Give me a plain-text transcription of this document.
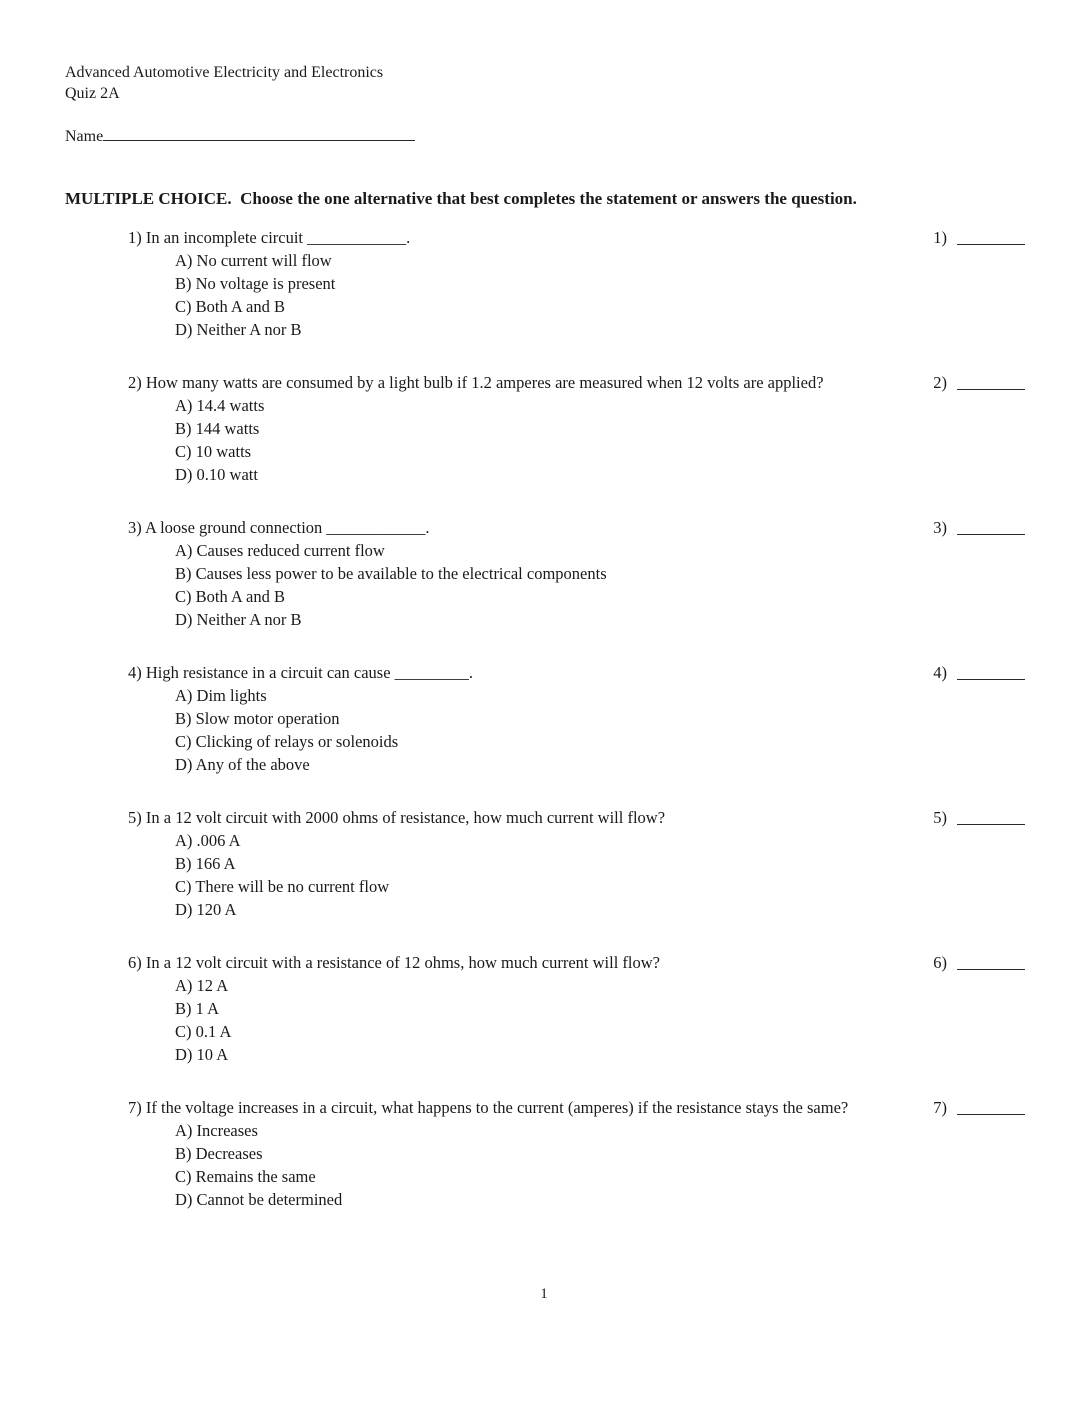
Advanced Automotive Electricity and Electronics
Quiz 2A
Name
MULTIPLE CHOICE.  Choose the one alternative that best completes the statement or answers the question.
1) In an incomplete circuit ____________.
A) No current will flow
B) No voltage is present
C) Both A and B
D) Neither A nor B
1)
2) How many watts are consumed by a light bulb if 1.2 amperes are measured when 12 volts are applied?
A) 14.4 watts
B) 144 watts
C) 10 watts
D) 0.10 watt
2)
3) A loose ground connection ____________.
A) Causes reduced current flow
B) Causes less power to be available to the electrical components
C) Both A and B
D) Neither A nor B
3)
4) High resistance in a circuit can cause _________.
A) Dim lights
B) Slow motor operation
C) Clicking of relays or solenoids
D) Any of the above
4)
5) In a 12 volt circuit with 2000 ohms of resistance, how much current will flow?
A) .006 A
B) 166 A
C) There will be no current flow
D) 120 A
5)
6) In a 12 volt circuit with a resistance of 12 ohms, how much current will flow?
A) 12 A
B) 1 A
C) 0.1 A
D) 10 A
6)
7) If the voltage increases in a circuit, what happens to the current (amperes) if the resistance stays the same?
A) Increases
B) Decreases
C) Remains the same
D) Cannot be determined
7)
1
